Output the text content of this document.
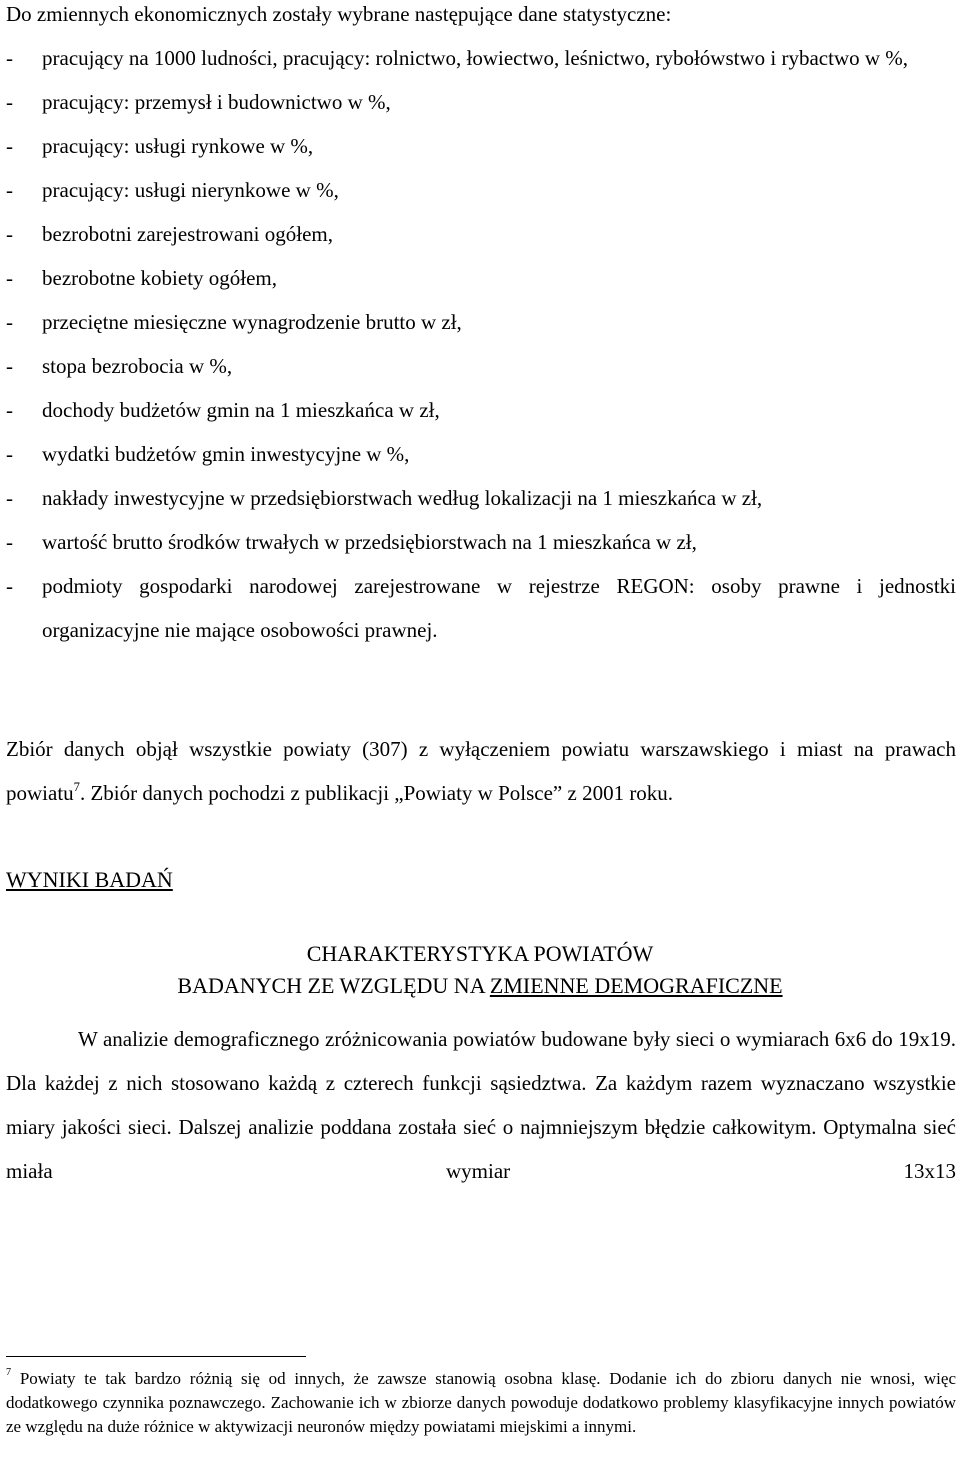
Do zmiennych ekonomicznych zostały wybrane następujące dane statystyczne:

- pracujący na 1000 ludności, pracujący: rolnictwo, łowiectwo, leśnictwo, rybołówstwo i rybactwo w %,
- pracujący: przemysł i budownictwo w %,
- pracujący: usługi rynkowe w %,
- pracujący: usługi nierynkowe w %,
- bezrobotni zarejestrowani ogółem,
- bezrobotne kobiety ogółem,
- przeciętne miesięczne wynagrodzenie brutto w zł,
- stopa bezrobocia w %,
- dochody budżetów gmin na 1 mieszkańca w zł,
- wydatki budżetów gmin inwestycyjne w %,
- nakłady inwestycyjne w przedsiębiorstwach według lokalizacji na 1 mieszkańca w zł,
- wartość brutto środków trwałych w przedsiębiorstwach na 1 mieszkańca w zł,
- podmioty gospodarki narodowej zarejestrowane w rejestrze REGON: osoby prawne i jednostki organizacyjne nie mające osobowości prawnej.

Zbiór danych objął wszystkie powiaty (307) z wyłączeniem powiatu warszawskiego i miast na prawach powiatu$^7$. Zbiór danych pochodzi z publikacji „Powiaty w Polsce” z 2001 roku.

WYNIKI BADAŃ
CHARAKTERYSTYKA POWIATÓW
BADANYCH ZE WZGLĘDU NA ZMIENNE DEMOGRAFICZNE

W analizie demograficznego zróżnicowania powiatów budowane były sieci o wymiarach 6x6 do 19x19. Dla każdej z nich stosowano każdą z czterech funkcji sąsiedztwa. Za każdym razem wyznaczano wszystkie miary jakości sieci. Dalszej analizie poddana została sieć o najmniejszym błędzie całkowitym. Optymalna sieć miała wymiar 13x13

$^7$ Powiaty te tak bardzo różnią się od innych, że zawsze stanowią osobna klasę. Dodanie ich do zbioru danych nie wnosi, więc dodatkowego czynnika poznawczego. Zachowanie ich w zbiorze danych powoduje dodatkowo problemy klasyfikacyjne innych powiatów ze względu na duże różnice w aktywizacji neuronów między powiatami miejskimi a innymi.
